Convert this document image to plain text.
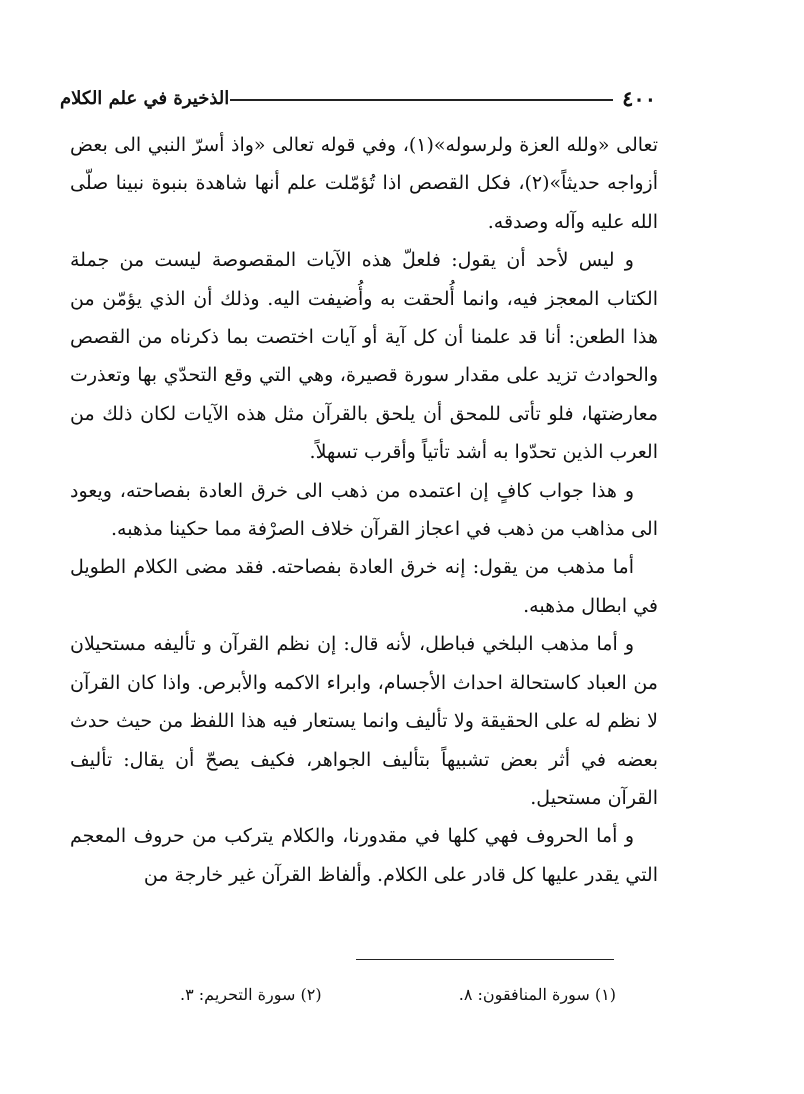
٤٠٠
الذخيرة في علم الكلام

تعالى «ولله العزة ولرسوله»(١)، وفي قوله تعالى «واذ أسرّ النبي الى بعض أزواجه حديثاً»(٢)، فكل القصص اذا تُؤمّلت علم أنها شاهدة بنبوة نبينا صلّى الله عليه وآله وصدقه.

و ليس لأحد أن يقول: فلعلّ هذه الآيات المقصوصة ليست من جملة الكتاب المعجز فيه، وانما أُلحقت به وأُضيفت اليه. وذلك أن الذي يؤمّن من هذا الطعن: أنا قد علمنا أن كل آية أو آيات اختصت بما ذكرناه من القصص والحوادث تزيد على مقدار سورة قصيرة، وهي التي وقع التحدّي بها وتعذرت معارضتها، فلو تأتى للمحق أن يلحق بالقرآن مثل هذه الآيات لكان ذلك من العرب الذين تحدّوا به أشد تأتياً وأقرب تسهلاً.

و هذا جواب كافٍ إن اعتمده من ذهب الى خرق العادة بفصاحته، ويعود الى مذاهب من ذهب في اعجاز القرآن خلاف الصرْفة مما حكينا مذهبه.

أما مذهب من يقول: إنه خرق العادة بفصاحته. فقد مضى الكلام الطويل في ابطال مذهبه.

و أما مذهب البلخي فباطل، لأنه قال: إن نظم القرآن و تأليفه مستحيلان من العباد كاستحالة احداث الأجسام، وابراء الاكمه والأبرص. واذا كان القرآن لا نظم له على الحقيقة ولا تأليف وانما يستعار فيه هذا اللفظ من حيث حدث بعضه في أثر بعض تشبيهاً بتأليف الجواهر، فكيف يصحّ أن يقال: تأليف القرآن مستحيل.

و أما الحروف فهي كلها في مقدورنا، والكلام يتركب من حروف المعجم التي يقدر عليها كل قادر على الكلام. وألفاظ القرآن غير خارجة من

(١) سورة المنافقون: ٨.
(٢) سورة التحريم: ٣.
